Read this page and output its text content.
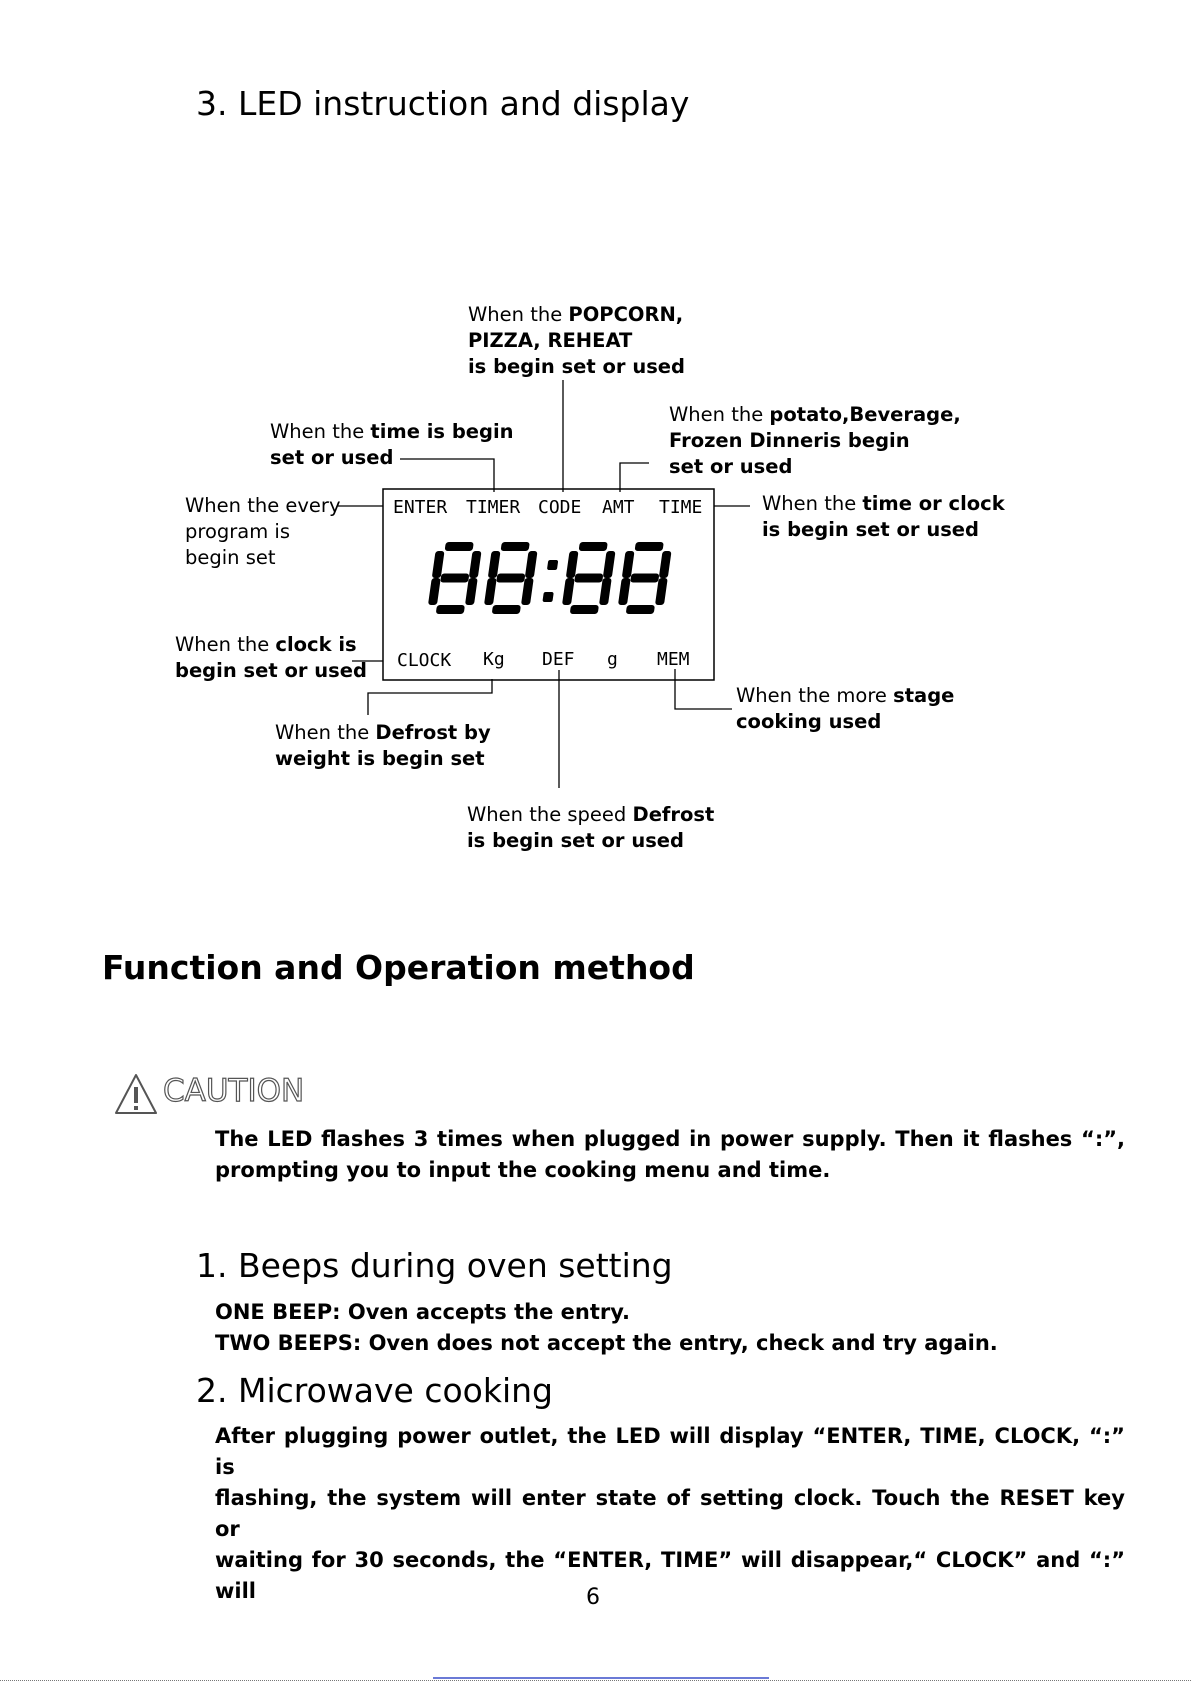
3. LED instruction and display
ENTER TIMER CODE AMT TIME
CLOCK Kg DEF g MEM
When the POPCORN,
PIZZA, REHEAT
is begin set or used
When the potato,Beverage,
Frozen Dinneris begin
set or used
When the time is begin
set or used
When the every
program is
begin set
When the time or clock
is begin set or used
When the clock is
begin set or used
When the more stage
cooking used
When the Defrost by
weight is begin set
When the speed Defrost
is begin set or used
Function and Operation method
CAUTION
The LED flashes 3 times when plugged in power supply. Then it flashes “:”,
prompting you to input the cooking menu and time.
1. Beeps during oven setting
ONE BEEP: Oven accepts the entry.
TWO BEEPS: Oven does not accept the entry, check and try again.
2. Microwave cooking
After plugging power outlet, the LED will display “ENTER, TIME, CLOCK, “:” is
flashing, the system will enter state of setting clock. Touch the RESET key or
waiting for 30 seconds, the “ENTER, TIME” will disappear,“ CLOCK” and “:” will	6
